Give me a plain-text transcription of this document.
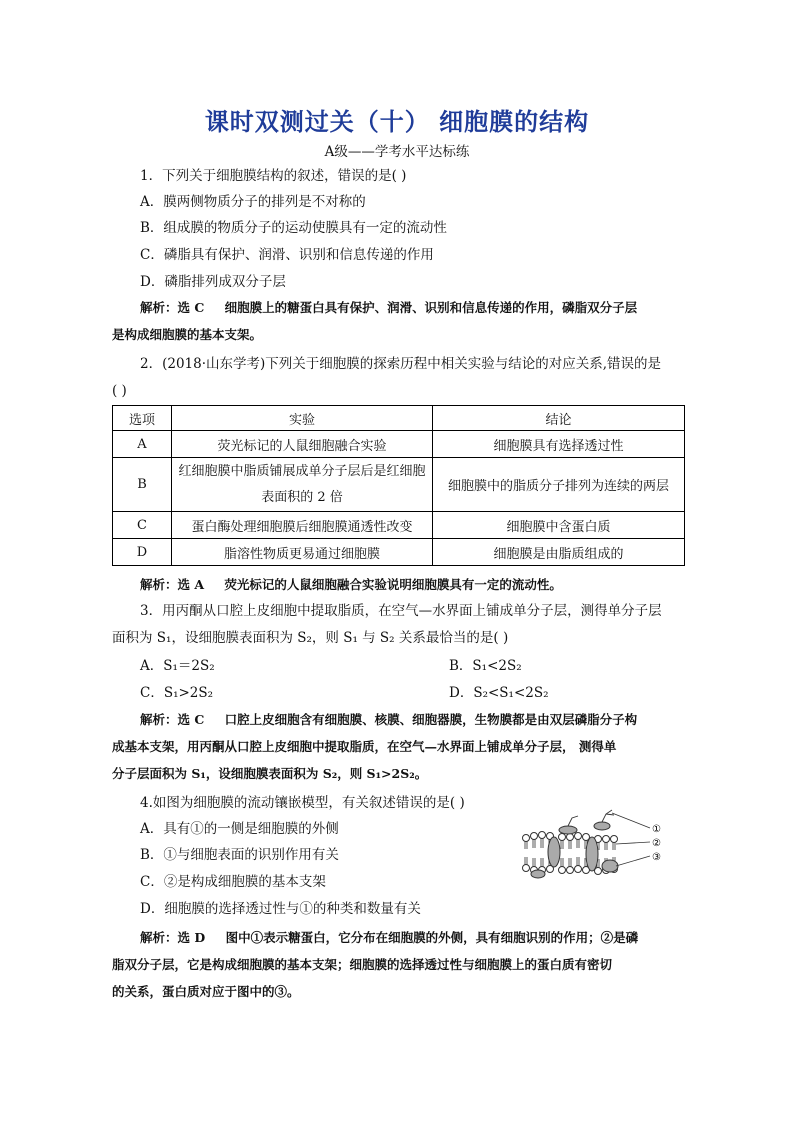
课时双测过关（十） 细胞膜的结构
A级——学考水平达标练
1．下列关于细胞膜结构的叙述，错误的是( )
A．膜两侧物质分子的排列是不对称的
B．组成膜的物质分子的运动使膜具有一定的流动性
C．磷脂具有保护、润滑、识别和信息传递的作用
D．磷脂排列成双分子层
解析：选 C 细胞膜上的糖蛋白具有保护、润滑、识别和信息传递的作用，磷脂双分子层
是构成细胞膜的基本支架。
2．(2018·山东学考)下列关于细胞膜的探索历程中相关实验与结论的对应关系,错误的是
( )
选项	实验	结论
A	荧光标记的人鼠细胞融合实验	细胞膜具有选择透过性
B	红细胞膜中脂质铺展成单分子层后是红细胞表面积的 2 倍	细胞膜中的脂质分子排列为连续的两层
C	蛋白酶处理细胞膜后细胞膜通透性改变	细胞膜中含蛋白质
D	脂溶性物质更易通过细胞膜	细胞膜是由脂质组成的
解析：选 A 荧光标记的人鼠细胞融合实验说明细胞膜具有一定的流动性。
3．用丙酮从口腔上皮细胞中提取脂质，在空气—水界面上铺成单分子层，测得单分子层
面积为 S₁，设细胞膜表面积为 S₂，则 S₁ 与 S₂ 关系最恰当的是( )
A．S₁＝2S₂	B．S₁<2S₂
C．S₁>2S₂	D．S₂<S₁<2S₂
解析：选 C 口腔上皮细胞含有细胞膜、核膜、细胞器膜，生物膜都是由双层磷脂分子构
成基本支架，用丙酮从口腔上皮细胞中提取脂质，在空气—水界面上铺成单分子层， 测得单
分子层面积为 S₁，设细胞膜表面积为 S₂，则 S₁>2S₂。
4.如图为细胞膜的流动镶嵌模型，有关叙述错误的是( )
A．具有①的一侧是细胞膜的外侧
B．①与细胞表面的识别作用有关
C．②是构成细胞膜的基本支架
D．细胞膜的选择透过性与①的种类和数量有关
①
②
③
解析：选 D 图中①表示糖蛋白，它分布在细胞膜的外侧，具有细胞识别的作用；②是磷
脂双分子层，它是构成细胞膜的基本支架；细胞膜的选择透过性与细胞膜上的蛋白质有密切
的关系，蛋白质对应于图中的③。
